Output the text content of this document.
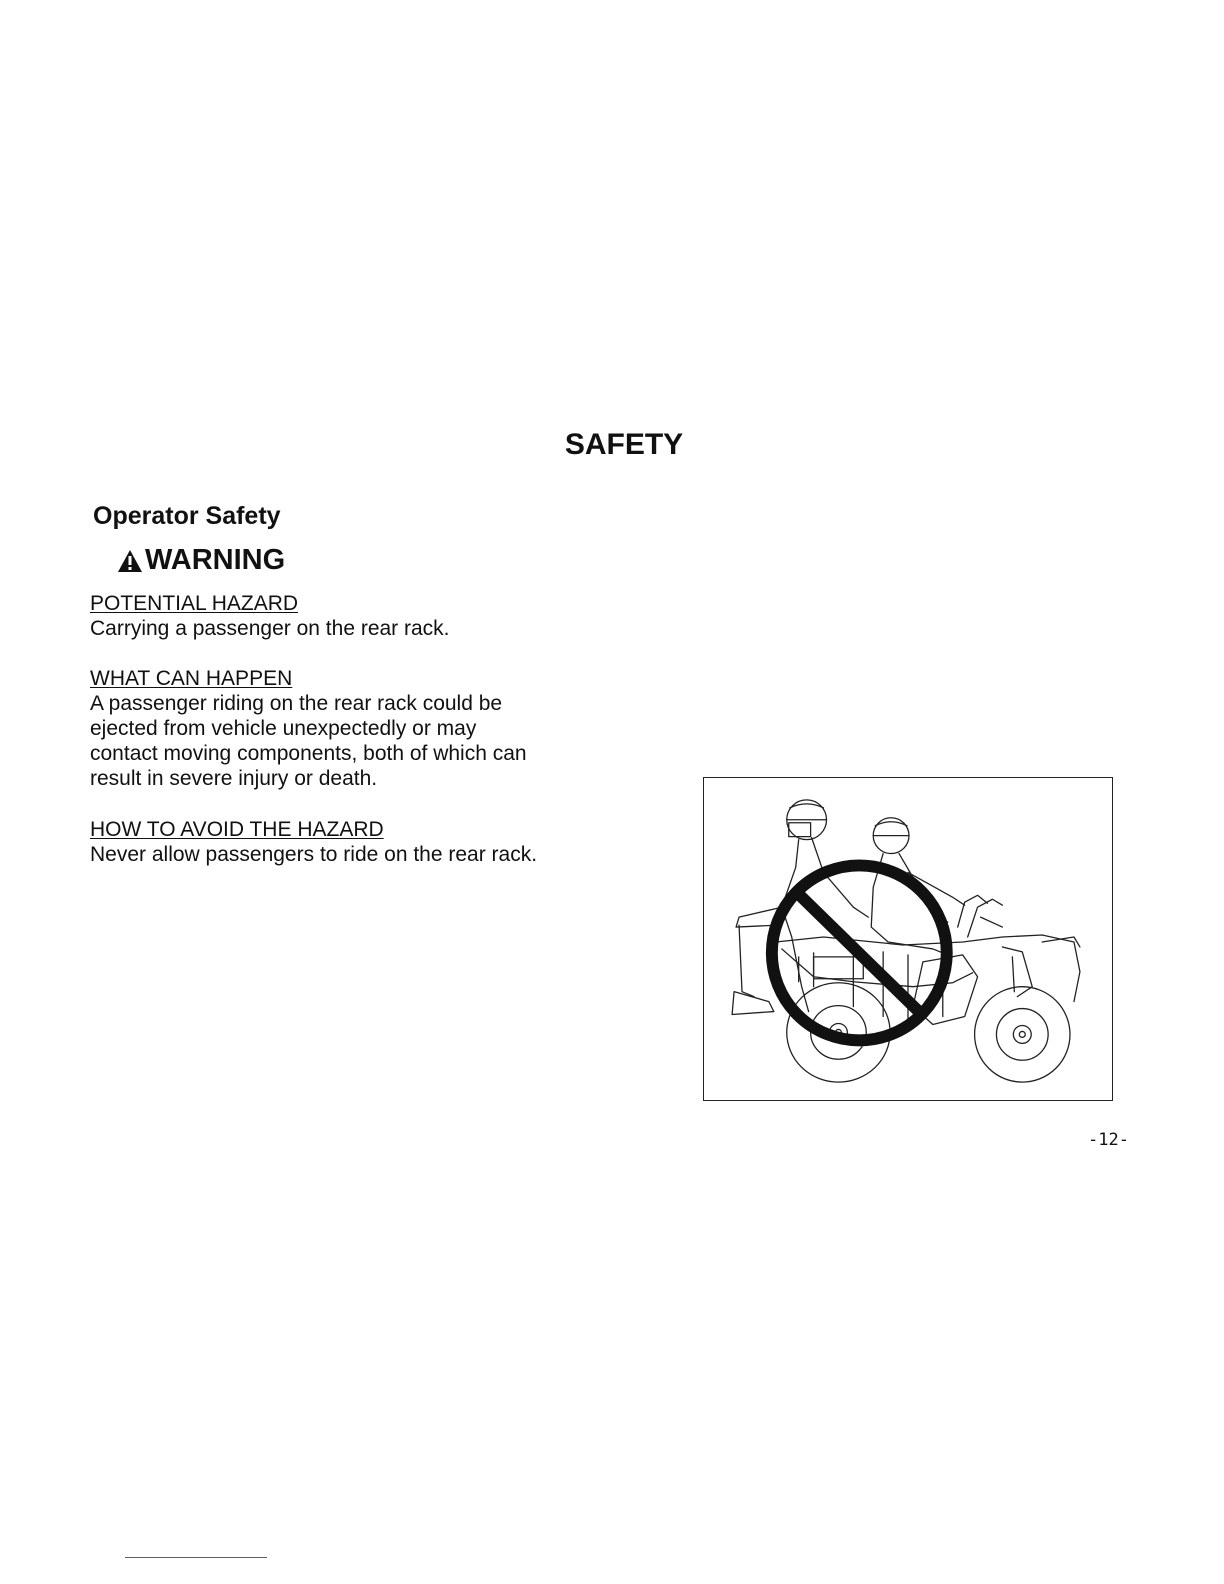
SAFETY
Operator Safety
WARNING
POTENTIAL HAZARD
Carrying a passenger on the rear rack.
WHAT CAN HAPPEN
A passenger riding on the rear rack could be
ejected from vehicle unexpectedly or may
contact moving components, both of which can
result in severe injury or death.
HOW TO AVOID THE HAZARD
Never allow passengers to ride on the rear rack.
-12-
